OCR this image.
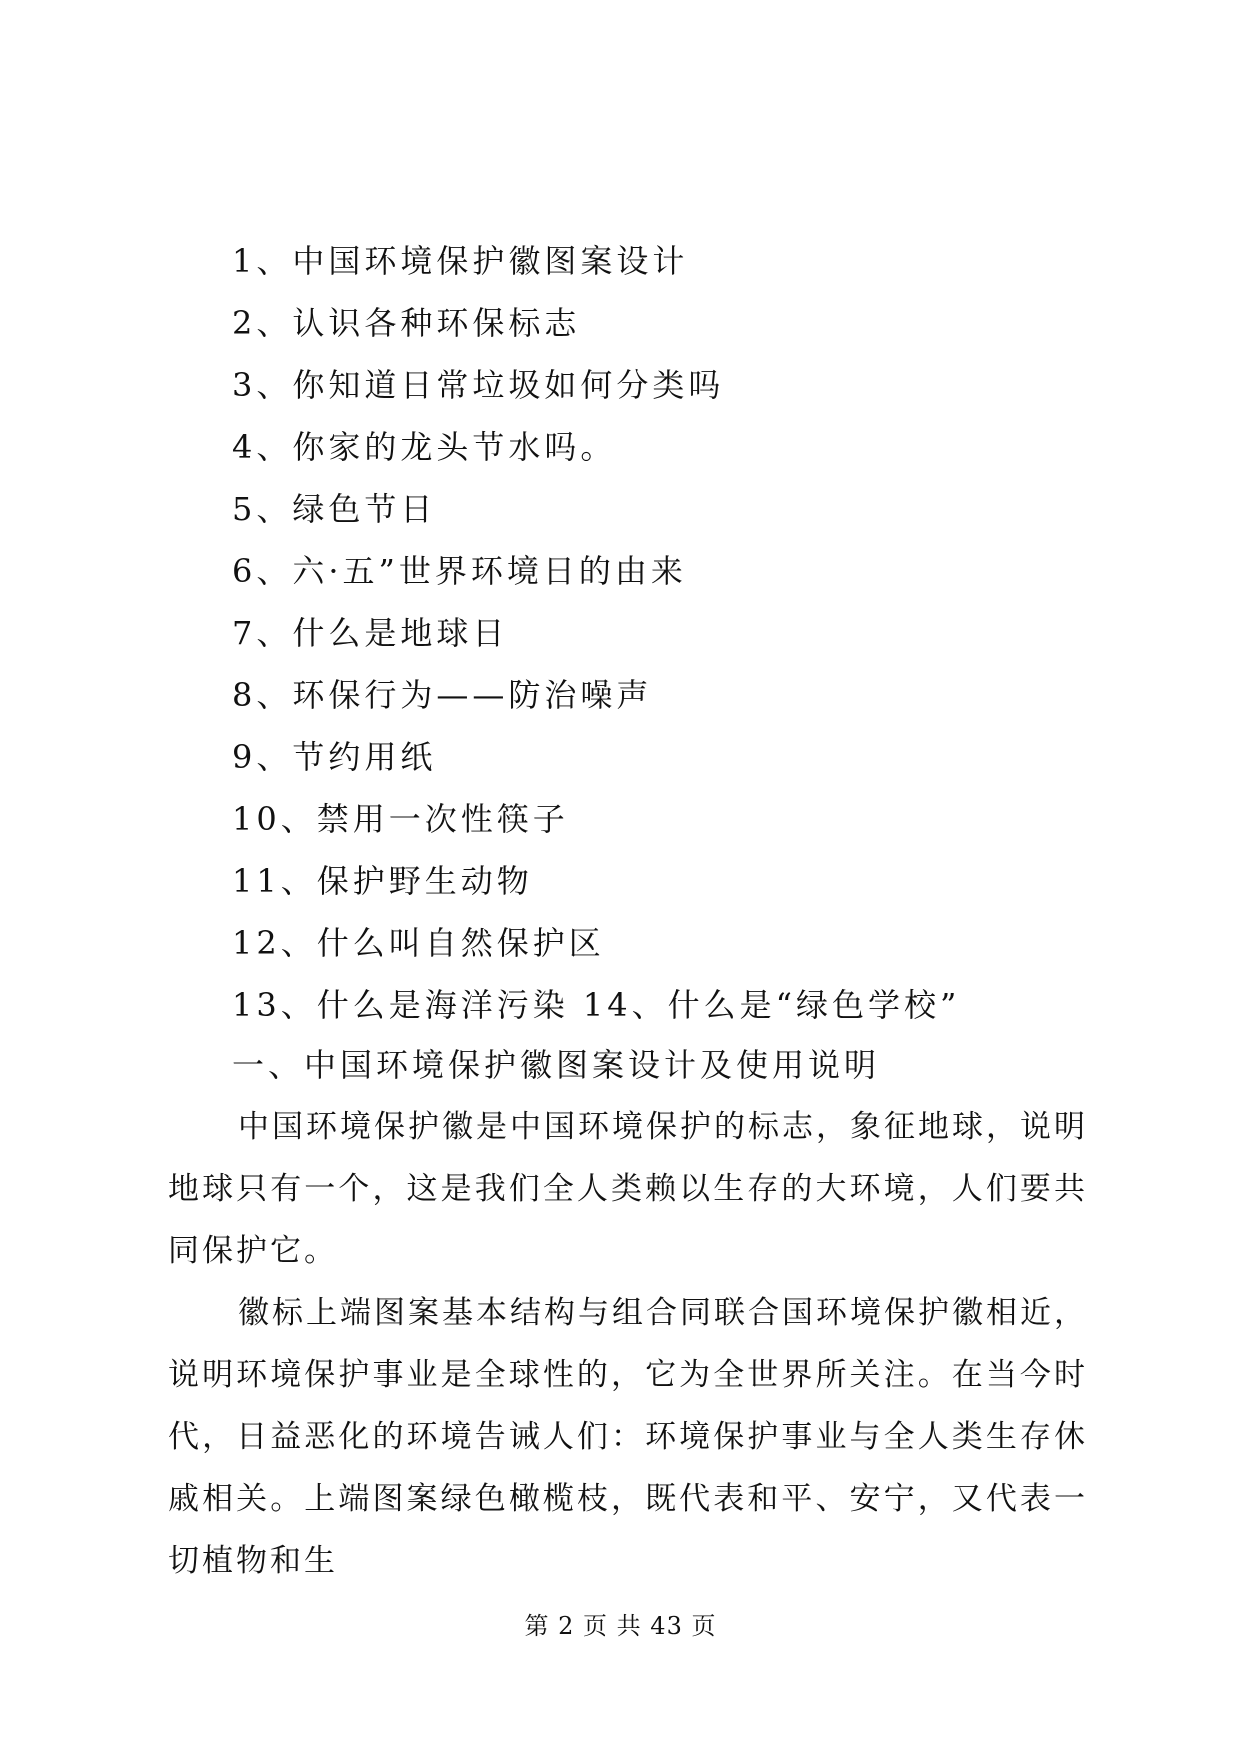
1、中国环境保护徽图案设计
2、认识各种环保标志
3、你知道日常垃圾如何分类吗
4、你家的龙头节水吗。
5、绿色节日
6、六·五”世界环境日的由来
7、什么是地球日
8、环保行为——防治噪声
9、节约用纸
10、禁用一次性筷子
11、保护野生动物
12、什么叫自然保护区
13、什么是海洋污染 14、什么是“绿色学校”
一、中国环境保护徽图案设计及使用说明

中国环境保护徽是中国环境保护的标志，象征地球，说明地球只有一个，这是我们全人类赖以生存的大环境，人们要共同保护它。

徽标上端图案基本结构与组合同联合国环境保护徽相近，说明环境保护事业是全球性的，它为全世界所关注。在当今时代，日益恶化的环境告诫人们：环境保护事业与全人类生存休戚相关。上端图案绿色橄榄枝，既代表和平、安宁，又代表一切植物和生

第 2 页 共 43 页
